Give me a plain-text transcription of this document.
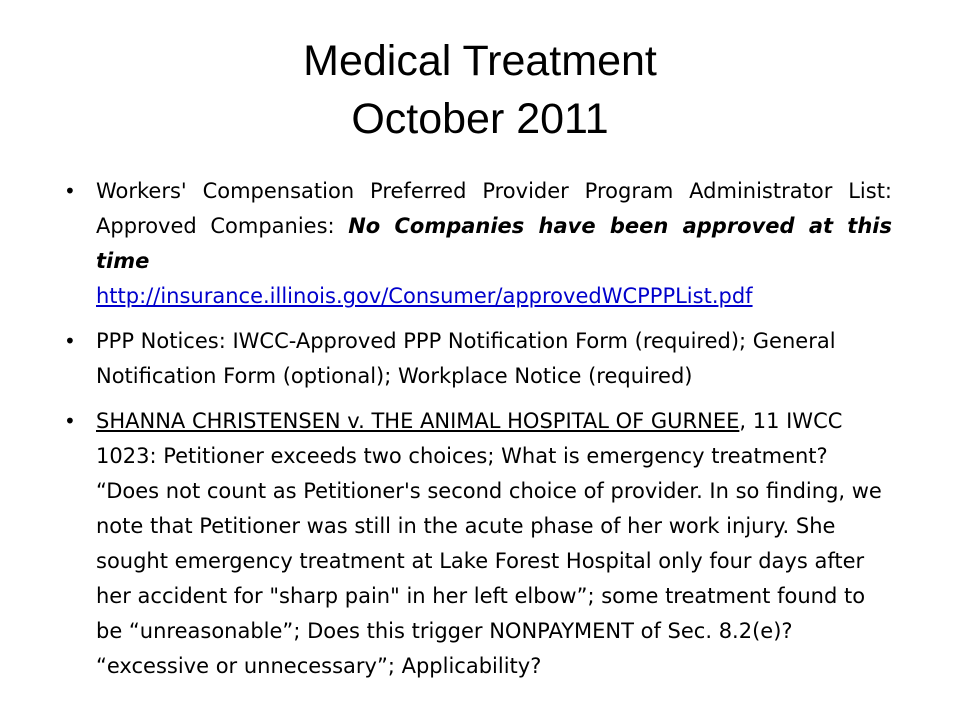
Medical Treatment
October 2011
• Workers' Compensation Preferred Provider Program Administrator List: Approved Companies: No Companies have been approved at this time
http://insurance.illinois.gov/Consumer/approvedWCPPPList.pdf
• PPP Notices: IWCC-Approved PPP Notification Form (required); General Notification Form (optional); Workplace Notice (required)
• SHANNA CHRISTENSEN v. THE ANIMAL HOSPITAL OF GURNEE, 11 IWCC 1023: Petitioner exceeds two choices; What is emergency treatment? “Does not count as Petitioner's second choice of provider. In so finding, we note that Petitioner was still in the acute phase of her work injury. She sought emergency treatment at Lake Forest Hospital only four days after her accident for "sharp pain" in her left elbow”; some treatment found to be “unreasonable”; Does this trigger NONPAYMENT of Sec. 8.2(e)? “excessive or unnecessary”; Applicability?
